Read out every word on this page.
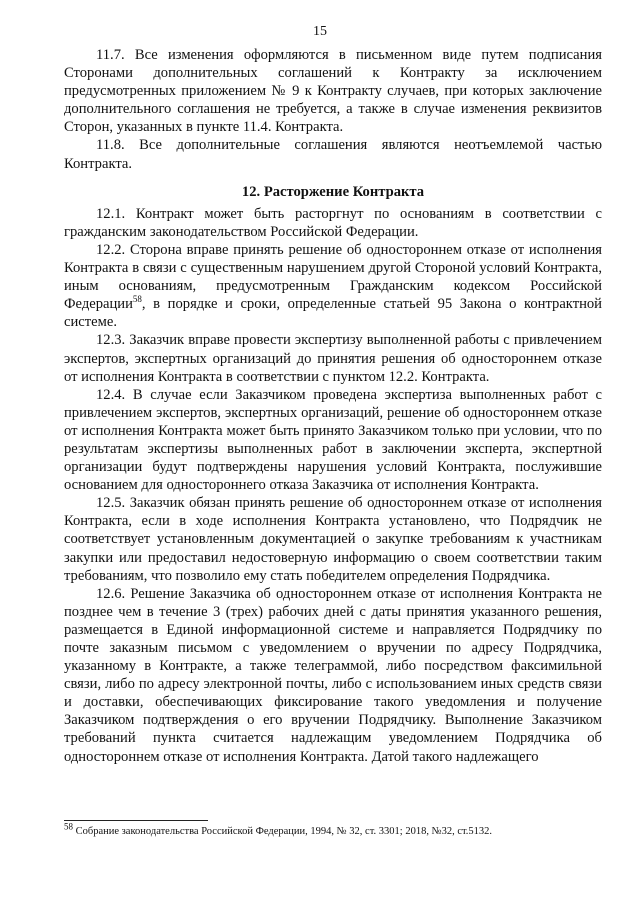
15

11.7. Все изменения оформляются в письменном виде путем подписания Сторонами дополнительных соглашений к Контракту за исключением предусмотренных приложением № 9 к Контракту случаев, при которых заключение дополнительного соглашения не требуется, а также в случае изменения реквизитов Сторон, указанных в пункте 11.4. Контракта.

11.8. Все дополнительные соглашения являются неотъемлемой частью Контракта.

12. Расторжение Контракта

12.1. Контракт может быть расторгнут по основаниям в соответствии с гражданским законодательством Российской Федерации.

12.2. Сторона вправе принять решение об одностороннем отказе от исполнения Контракта в связи с существенным нарушением другой Стороной условий Контракта, иным основаниям, предусмотренным Гражданским кодексом Российской Федерации$^{58}$, в порядке и сроки, определенные статьей 95 Закона о контрактной системе.

12.3. Заказчик вправе провести экспертизу выполненной работы с привлечением экспертов, экспертных организаций до принятия решения об одностороннем отказе от исполнения Контракта в соответствии с пунктом 12.2. Контракта.

12.4. В случае если Заказчиком проведена экспертиза выполненных работ с привлечением экспертов, экспертных организаций, решение об одностороннем отказе от исполнения Контракта может быть принято Заказчиком только при условии, что по результатам экспертизы выполненных работ в заключении эксперта, экспертной организации будут подтверждены нарушения условий Контракта, послужившие основанием для одностороннего отказа Заказчика от исполнения Контракта.

12.5. Заказчик обязан принять решение об одностороннем отказе от исполнения Контракта, если в ходе исполнения Контракта установлено, что Подрядчик не соответствует установленным документацией о закупке требованиям к участникам закупки или предоставил недостоверную информацию о своем соответствии таким требованиям, что позволило ему стать победителем определения Подрядчика.

12.6. Решение Заказчика об одностороннем отказе от исполнения Контракта не позднее чем в течение 3 (трех) рабочих дней с даты принятия указанного решения, размещается в Единой информационной системе и направляется Подрядчику по почте заказным письмом с уведомлением о вручении по адресу Подрядчика, указанному в Контракте, а также телеграммой, либо посредством факсимильной связи, либо по адресу электронной почты, либо с использованием иных средств связи и доставки, обеспечивающих фиксирование такого уведомления и получение Заказчиком подтверждения о его вручении Подрядчику. Выполнение Заказчиком требований пункта считается надлежащим уведомлением Подрядчика об одностороннем отказе от исполнения Контракта. Датой такого надлежащего

$^{58}$ Собрание законодательства Российской Федерации, 1994, № 32, ст. 3301; 2018, №32, ст.5132.
